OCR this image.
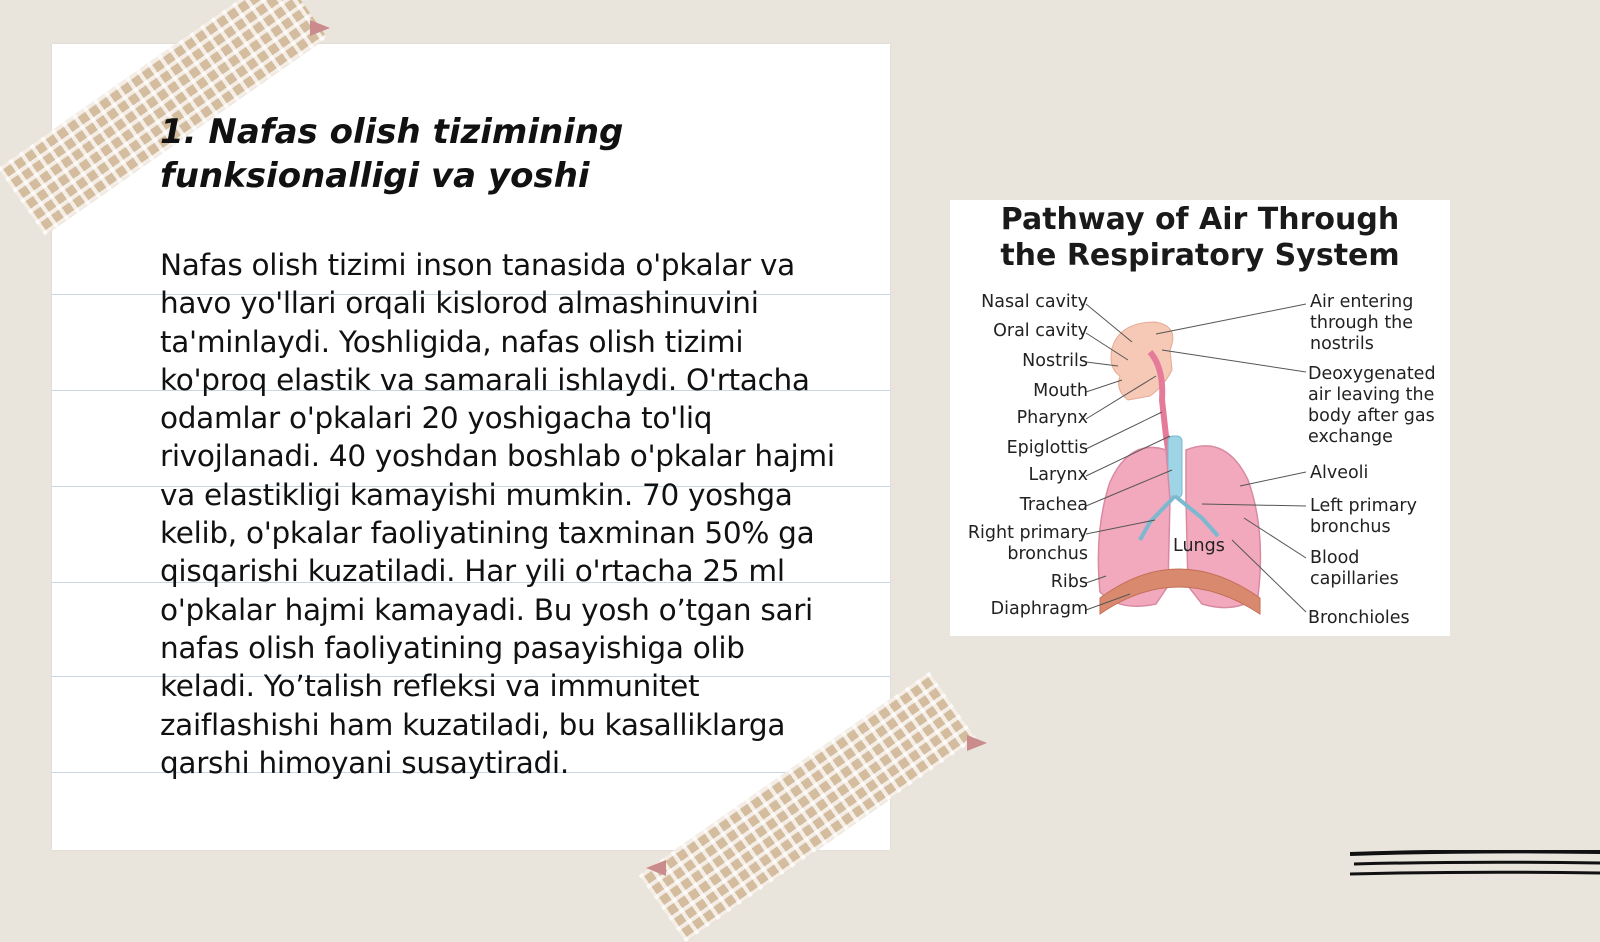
1. Nafas olish tizimining funksionalligi va yoshi

Nafas olish tizimi inson tanasida o'pkalar va havo yo'llari orqali kislorod almashinuvini ta'minlaydi. Yoshligida, nafas olish tizimi ko'proq elastik va samarali ishlaydi. O'rtacha odamlar o'pkalari 20 yoshigacha to'liq rivojlanadi. 40 yoshdan boshlab o'pkalar hajmi va elastikligi kamayishi mumkin. 70 yoshga kelib, o'pkalar faoliyatining taxminan 50% ga qisqarishi kuzatiladi. Har yili o'rtacha 25 ml o'pkalar hajmi kamayadi. Bu yosh o’tgan sari nafas olish faoliyatining pasayishiga olib keladi. Yo’talish refleksi va immunitet zaiflashishi ham kuzatiladi, bu kasalliklarga qarshi himoyani susaytiradi.

Pathway of Air Through
the Respiratory System
Nasal cavity
Oral cavity
Nostrils
Mouth
Pharynx
Epiglottis
Larynx
Trachea
Right primary
bronchus
Ribs
Diaphragm
Air entering
through the
nostrils
Deoxygenated
air leaving the
body after gas
exchange
Alveoli
Left primary
bronchus
Blood
capillaries
Bronchioles
Lungs
